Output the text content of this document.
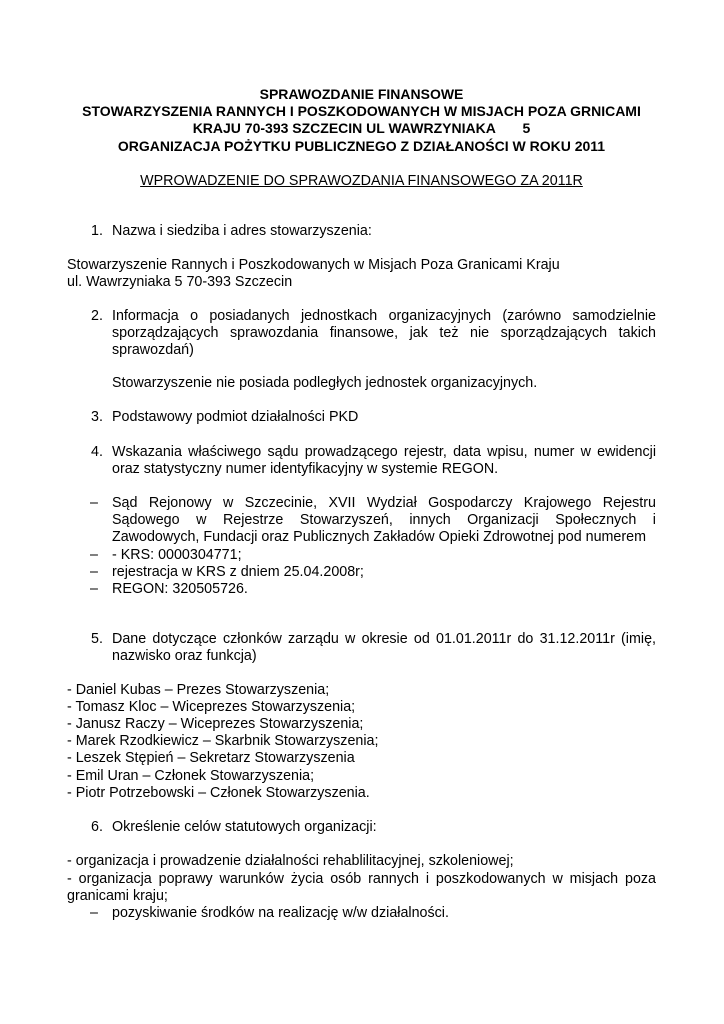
SPRAWOZDANIE FINANSOWE
STOWARZYSZENIA RANNYCH I POSZKODOWANYCH W MISJACH POZA GRNICAMI
KRAJU 70-393 SZCZECIN UL WAWRZYNIAKA       5
ORGANIZACJA POŻYTKU PUBLICZNEGO Z DZIAŁANOŚCI W ROKU 2011
WPROWADZENIE DO SPRAWOZDANIA FINANSOWEGO ZA 2011R
1. Nazwa i siedziba i adres stowarzyszenia:
Stowarzyszenie Rannych i Poszkodowanych w Misjach Poza Granicami Kraju
ul. Wawrzyniaka 5 70-393 Szczecin
2. Informacja o posiadanych jednostkach organizacyjnych (zarówno samodzielnie sporządzających sprawozdania finansowe, jak też nie sporządzających takich sprawozdań)
Stowarzyszenie nie posiada podległych jednostek organizacyjnych.
3. Podstawowy podmiot działalności PKD
4. Wskazania właściwego sądu prowadzącego rejestr, data wpisu, numer w ewidencji oraz statystyczny numer identyfikacyjny w systemie REGON.
– Sąd Rejonowy w Szczecinie, XVII Wydział Gospodarczy Krajowego Rejestru Sądowego w Rejestrze Stowarzyszeń, innych Organizacji Społecznych i Zawodowych, Fundacji oraz Publicznych Zakładów Opieki Zdrowotnej pod numerem
– - KRS: 0000304771;
– rejestracja w KRS z dniem 25.04.2008r;
– REGON: 320505726.
5. Dane dotyczące członków zarządu w okresie od 01.01.2011r do 31.12.2011r (imię, nazwisko oraz funkcja)
- Daniel Kubas – Prezes Stowarzyszenia;
- Tomasz Kloc – Wiceprezes Stowarzyszenia;
- Janusz Raczy – Wiceprezes Stowarzyszenia;
- Marek Rzodkiewicz – Skarbnik Stowarzyszenia;
- Leszek Stępień – Sekretarz Stowarzyszenia
- Emil Uran – Członek Stowarzyszenia;
- Piotr Potrzebowski – Członek Stowarzyszenia.
6. Określenie celów statutowych organizacji:
- organizacja i prowadzenie działalności rehablilitacyjnej, szkoleniowej;
- organizacja poprawy warunków życia osób rannych i poszkodowanych w misjach poza granicami kraju;
– pozyskiwanie środków na realizację w/w działalności.
